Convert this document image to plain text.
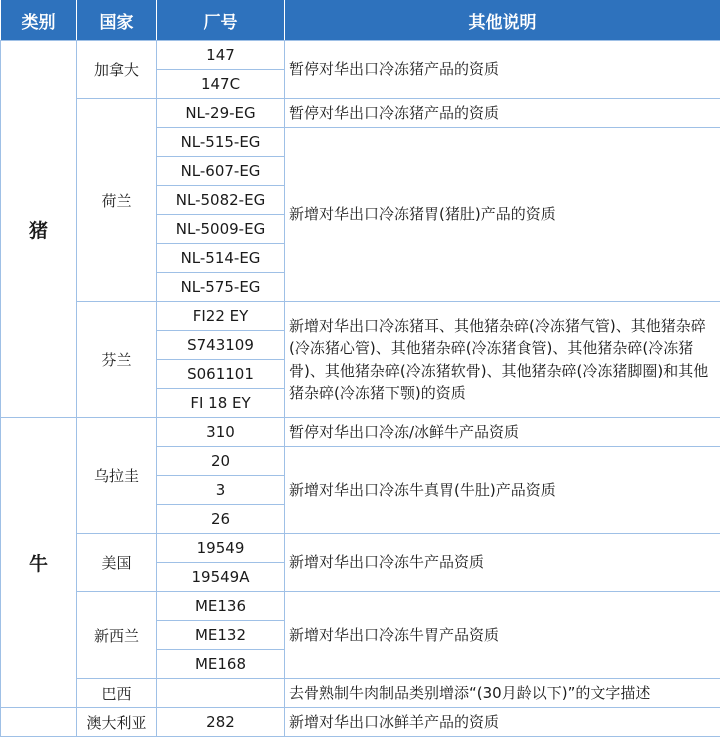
类别	国家	厂号	其他说明
猪	加拿大	147	暂停对华出口冷冻猪产品的资质
		147C	
	荷兰	NL-29-EG	暂停对华出口冷冻猪产品的资质
		NL-515-EG	新增对华出口冷冻猪胃(猪肚)产品的资质
		NL-607-EG	
		NL-5082-EG	
		NL-5009-EG	
		NL-514-EG	
		NL-575-EG	
	芬兰	FI22 EY	新增对华出口冷冻猪耳、其他猪杂碎(冷冻猪气管)、其他猪杂碎(冷冻猪心管)、其他猪杂碎(冷冻猪食管)、其他猪杂碎(冷冻猪骨)、其他猪杂碎(冷冻猪软骨)、其他猪杂碎(冷冻猪脚圈)和其他猪杂碎(冷冻猪下颚)的资质
		S743109	
		S061101	
		FI 18 EY	
牛	乌拉圭	310	暂停对华出口冷冻/冰鲜牛产品资质
		20	新增对华出口冷冻牛真胃(牛肚)产品资质
		3	
		26	
	美国	19549	新增对华出口冷冻牛产品资质
		19549A	
	新西兰	ME136	新增对华出口冷冻牛胃产品资质
		ME132	
		ME168	
	巴西		去骨熟制牛肉制品类别增添“(30月龄以下)”的文字描述
	澳大利亚	282	新增对华出口冰鲜羊产品的资质
